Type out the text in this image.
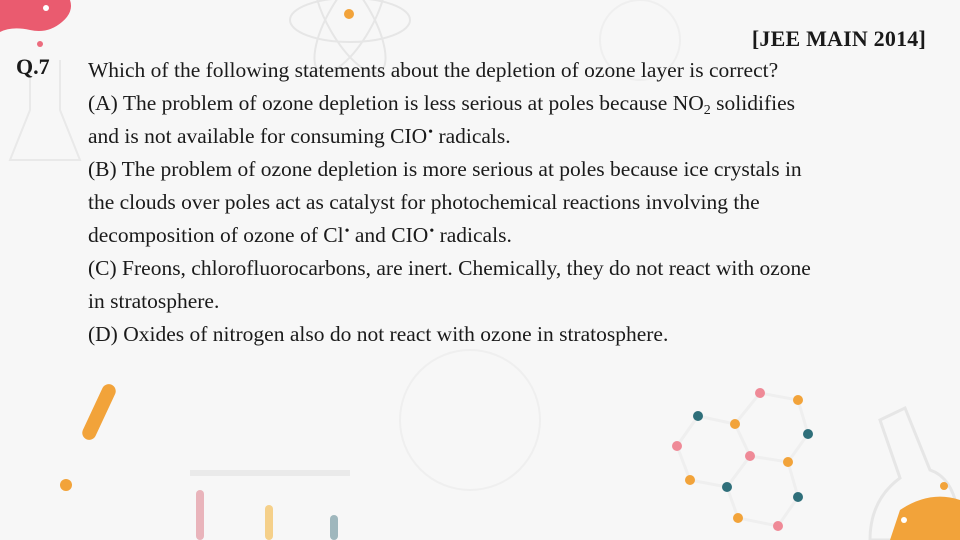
[JEE MAIN 2014]
Q.7 Which of the following statements about the depletion of ozone layer is correct?
(A) The problem of ozone depletion is less serious at poles because $NO_2$ solidifies
and is not available for consuming CIO• radicals.
(B) The problem of ozone depletion is more serious at poles because ice crystals in
the clouds over poles act as catalyst for photochemical reactions involving the
decomposition of ozone of Cl• and CIO• radicals.
(C) Freons, chlorofluorocarbons, are inert. Chemically, they do not react with ozone
in stratosphere.
(D) Oxides of nitrogen also do not react with ozone in stratosphere.
